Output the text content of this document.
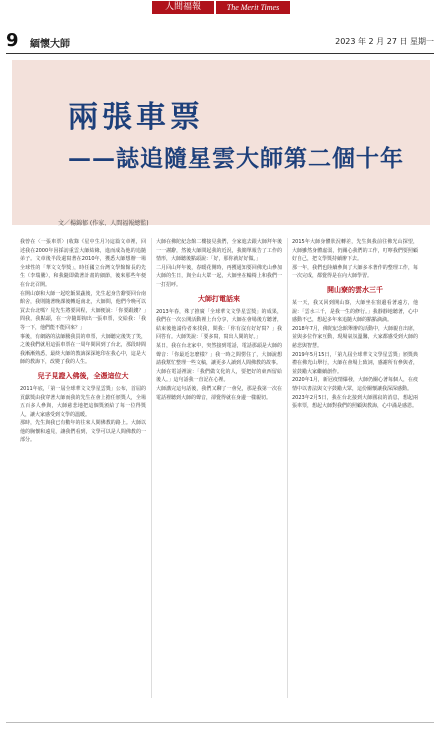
人間福報	The Merit Times
9 緬懷大師	2023 年 2 月 27 日 星期一
兩張車票
——誌追隨星雲大師第二個十年
文／楊錦郁 (作家、人間福報總監)

我曾在〈一張車票〉(收錄《星中生月》)這篇文章裡，回述我在2000年因採訪重雲大師結緣，進而成為他的追隨弟子。文章後半段還寫著在2010年，獲悉大師想辦一場全球性的「華文文學獎」，時任國立台灣文學館館長的先生（李瑞騰），和我隨即做著計畫的細節，後來那些年便在台北召開。

在開山寮和大師一起吃飯果蔬後，先生起身告辭要回台南館舍，我則隨著晚課後轉返南北，大師問，他們今晚可以買去台北嗎？見先生將要回程，大師便說：「你要跟錢？」問我，我點頭，在一旁隨即掏出一張車票，交給我：「我等一下，他們能不能回來？」

事後，有網路的法師騰我買的車票，大師聽完後笑了笑，之後我們就用這張車票在一周年間回到了台北，那段時間我漸漸熟悉，最終大師的教誨深深地印在我心中，這是大師的教誨下，改變了我的人生。

兒子見證入佛後，全憑這位大

2011年底，「第一屆全球華文文學星雲獎」公布，首屆的貢獻獎由我穿著大師而我的先生在會上擔任頒獎人，全場五百多人參與，大師慈悲地把這個獎頒給了每一位得獎人，讓大家感受到文學的溫暖。

那時，先生與我已有數年的往來人間佛教的路上。大師以他的胸懷和遠見，讓我們看到，文學可以是人間佛教的一部分。

大師在佛陀紀念館二樓接見我們，全家進去跟大師拜年後一一謝辭，然後大師問起我的近況，我簡單報告了工作的情形，大師聽後點頭說：「好，那你就好好做。」

二月回山拜年後，春暖花開時，再獲通知要回佛光山參加大師的生日，與全山大眾一起，大師坐在輪椅上和我們一一打招呼。

大師打電話來

2013年春，殊了推廣「全球華文文學星雲獎」的成果，我們在一次公開活動裡上台分享，大師在會場後方聽著，結束後他請侍者來找我，問我：「你有沒有好好寫？」我回答有。大師笑說：「要多寫，寫出人間的好。」

某日，我在台北家中，突然接到電話，電話那頭是大師的聲音：「你最近怎麼樣？」我一時之間愣住了，大師說想請我幫忙整理一些文稿，讓更多人讀到人間佛教的故事。

大師在電話裡說：「我們做文化的人，要把好的東西留給後人。」這句話我一直記在心裡。

大師講完這句話後，我們又聊了一會兒，那是我第一次在電話裡聽到大師的聲音，卻覺得就在身邊一樣親切。

2015年大師身體狀況轉差，先生與我前往佛光山探望，大師雖然身體虛弱，仍關心我們的工作，叮嚀我們要照顧好自己，把文學獎持續辦下去。

那一年，我們也陸續參與了大師多本著作的整理工作，每一次完成，都覺得是在向大師學習。

開山寮的雲水三千

某一天，我又回到開山寮，大師坐在窗邊看著遠方，他說：「雲水三千，是我一生的修行。」我靜靜地聽著，心中感動不已，想起多年來追隨大師的點點滴滴。

2018年7月，佛陀紀念館舉辦的活動中，大師親自出席，並與多位作家互動，現場氣氛溫馨，大家都感受到大師的慈悲與智慧。

2019年5月15日，「第九屆全球華文文學星雲獎」頒獎典禮在佛光山舉行，大師在會場上致詞，感謝所有參與者，並鼓勵大家繼續創作。

2020年1月，新冠疫情爆發，大師仍關心著每個人，在疫情中以書法與文字鼓勵大眾，這份關懷讓我深深感動。

2023年2月5日，我在台北接到大師圓寂的消息，想起兩張車票，想起大師對我們的照顧與教誨，心中滿是感恩。
